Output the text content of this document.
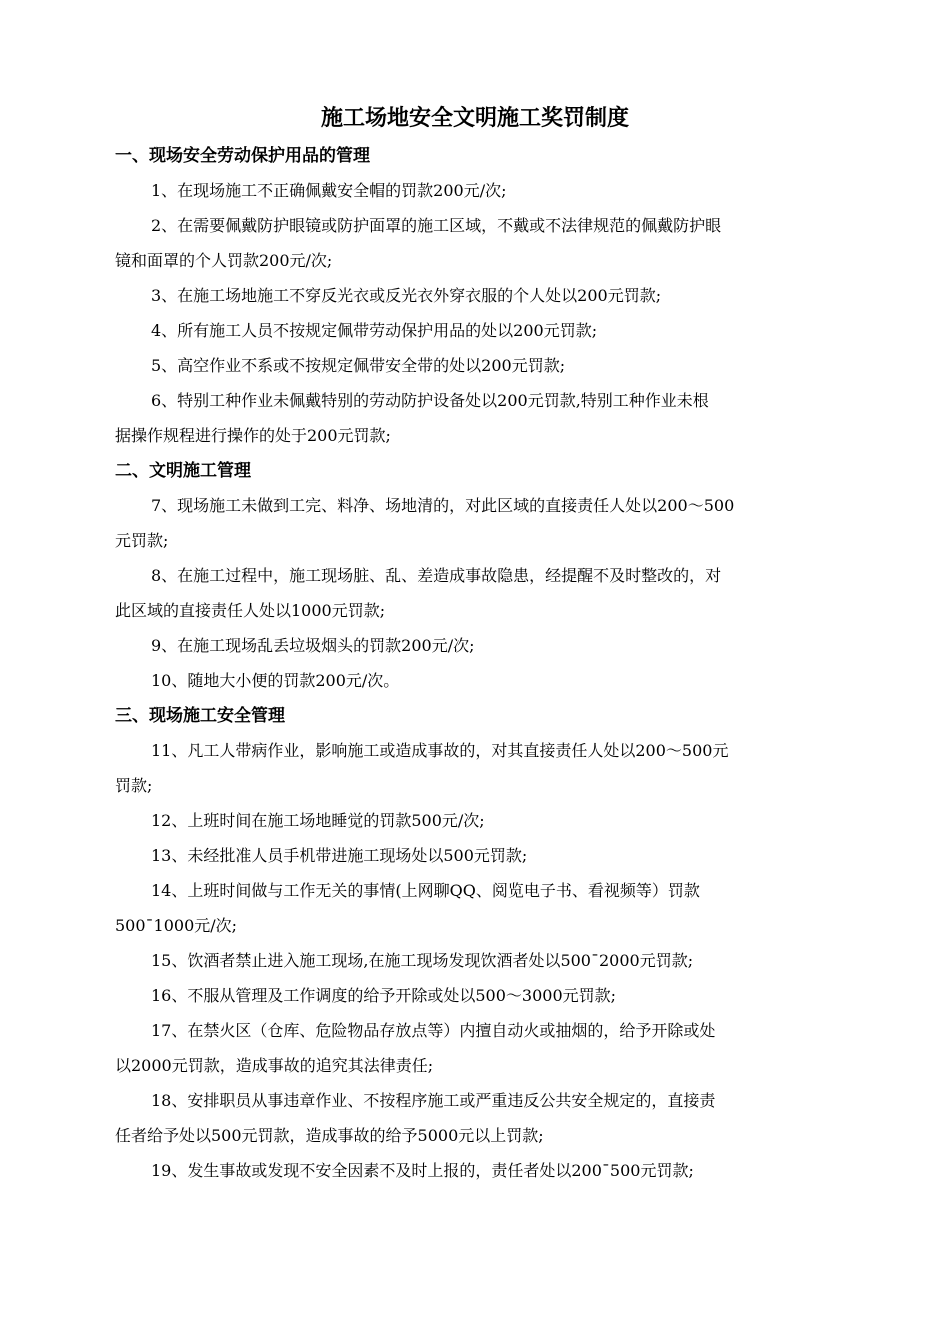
施工场地安全文明施工奖罚制度
一、现场安全劳动保护用品的管理
1、在现场施工不正确佩戴安全帽的罚款200元/次;
2、在需要佩戴防护眼镜或防护面罩的施工区域，不戴或不法律规范的佩戴防护眼
镜和面罩的个人罚款200元/次;
3、在施工场地施工不穿反光衣或反光衣外穿衣服的个人处以200元罚款;
4、所有施工人员不按规定佩带劳动保护用品的处以200元罚款;
5、高空作业不系或不按规定佩带安全带的处以200元罚款;
6、特别工种作业未佩戴特别的劳动防护设备处以200元罚款,特别工种作业未根
据操作规程进行操作的处于200元罚款;
二、文明施工管理
7、现场施工未做到工完、料净、场地清的，对此区域的直接责任人处以200～500
元罚款;
8、在施工过程中，施工现场脏、乱、差造成事故隐患，经提醒不及时整改的，对
此区域的直接责任人处以1000元罚款;
9、在施工现场乱丢垃圾烟头的罚款200元/次;
10、随地大小便的罚款200元/次。
三、现场施工安全管理
11、凡工人带病作业，影响施工或造成事故的，对其直接责任人处以200～500元
罚款;
12、上班时间在施工场地睡觉的罚款500元/次;
13、未经批准人员手机带进施工现场处以500元罚款;
14、上班时间做与工作无关的事情(上网聊QQ、阅览电子书、看视频等）罚款
500¯1000元/次;
15、饮酒者禁止进入施工现场,在施工现场发现饮酒者处以500¯2000元罚款;
16、不服从管理及工作调度的给予开除或处以500～3000元罚款;
17、在禁火区（仓库、危险物品存放点等）内擅自动火或抽烟的，给予开除或处
以2000元罚款，造成事故的追究其法律责任;
18、安排职员从事违章作业、不按程序施工或严重违反公共安全规定的，直接责
任者给予处以500元罚款，造成事故的给予5000元以上罚款;
19、发生事故或发现不安全因素不及时上报的，责任者处以200¯500元罚款;
